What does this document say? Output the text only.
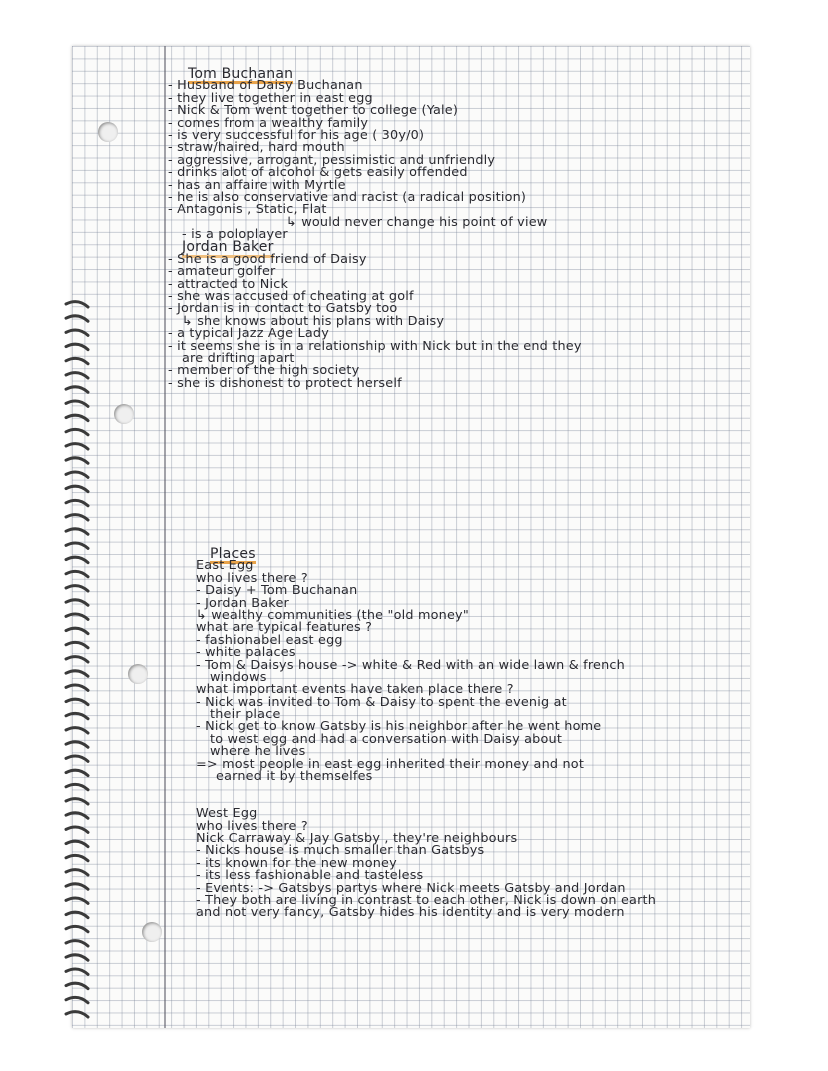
Tom Buchanan
- Husband of Daisy Buchanan
- they live together in east egg
- Nick & Tom went together to college (Yale)
- comes from a wealthy family
- is very successful for his age ( 30y/0)
- straw/haired, hard mouth
- aggressive, arrogant, pessimistic and unfriendly
- drinks alot of alcohol & gets easily offended
- has an affaire with Myrtle
- he is also conservative and racist (a radical position)
- Antagonis , Static, Flat
↳ would never change his point of view
- is a poloplayer
Jordan Baker
- She is a good friend of Daisy
- amateur golfer
- attracted to Nick
- she was accused of cheating at golf
- Jordan is in contact to Gatsby too
↳ she knows about his plans with Daisy
- a typical Jazz Age Lady
- it seems she is in a relationship with Nick but in the end they
are drifting apart
- member of the high society
- she is dishonest to protect herself
Places
East Egg
who lives there ?
- Daisy + Tom Buchanan
- Jordan Baker
↳ wealthy communities (the "old money"
what are typical features ?
- fashionabel east egg
- white palaces
- Tom & Daisys house -> white & Red with an wide lawn & french
windows
what important events have taken place there ?
- Nick was invited to Tom & Daisy to spent the evenig at
their place
- Nick get to know Gatsby is his neighbor after he went home
to west egg and had a conversation with Daisy about
where he lives
=> most people in east egg inherited their money and not
earned it by themselfes
West Egg
who lives there ?
Nick Carraway & Jay Gatsby , they're neighbours
- Nicks house is much smaller than Gatsbys
- its known for the new money
- its less fashionable and tasteless
- Events: -> Gatsbys partys where Nick meets Gatsby and Jordan
- They both are living in contrast to each other, Nick is down on earth
and not very fancy, Gatsby hides his identity and is very modern
